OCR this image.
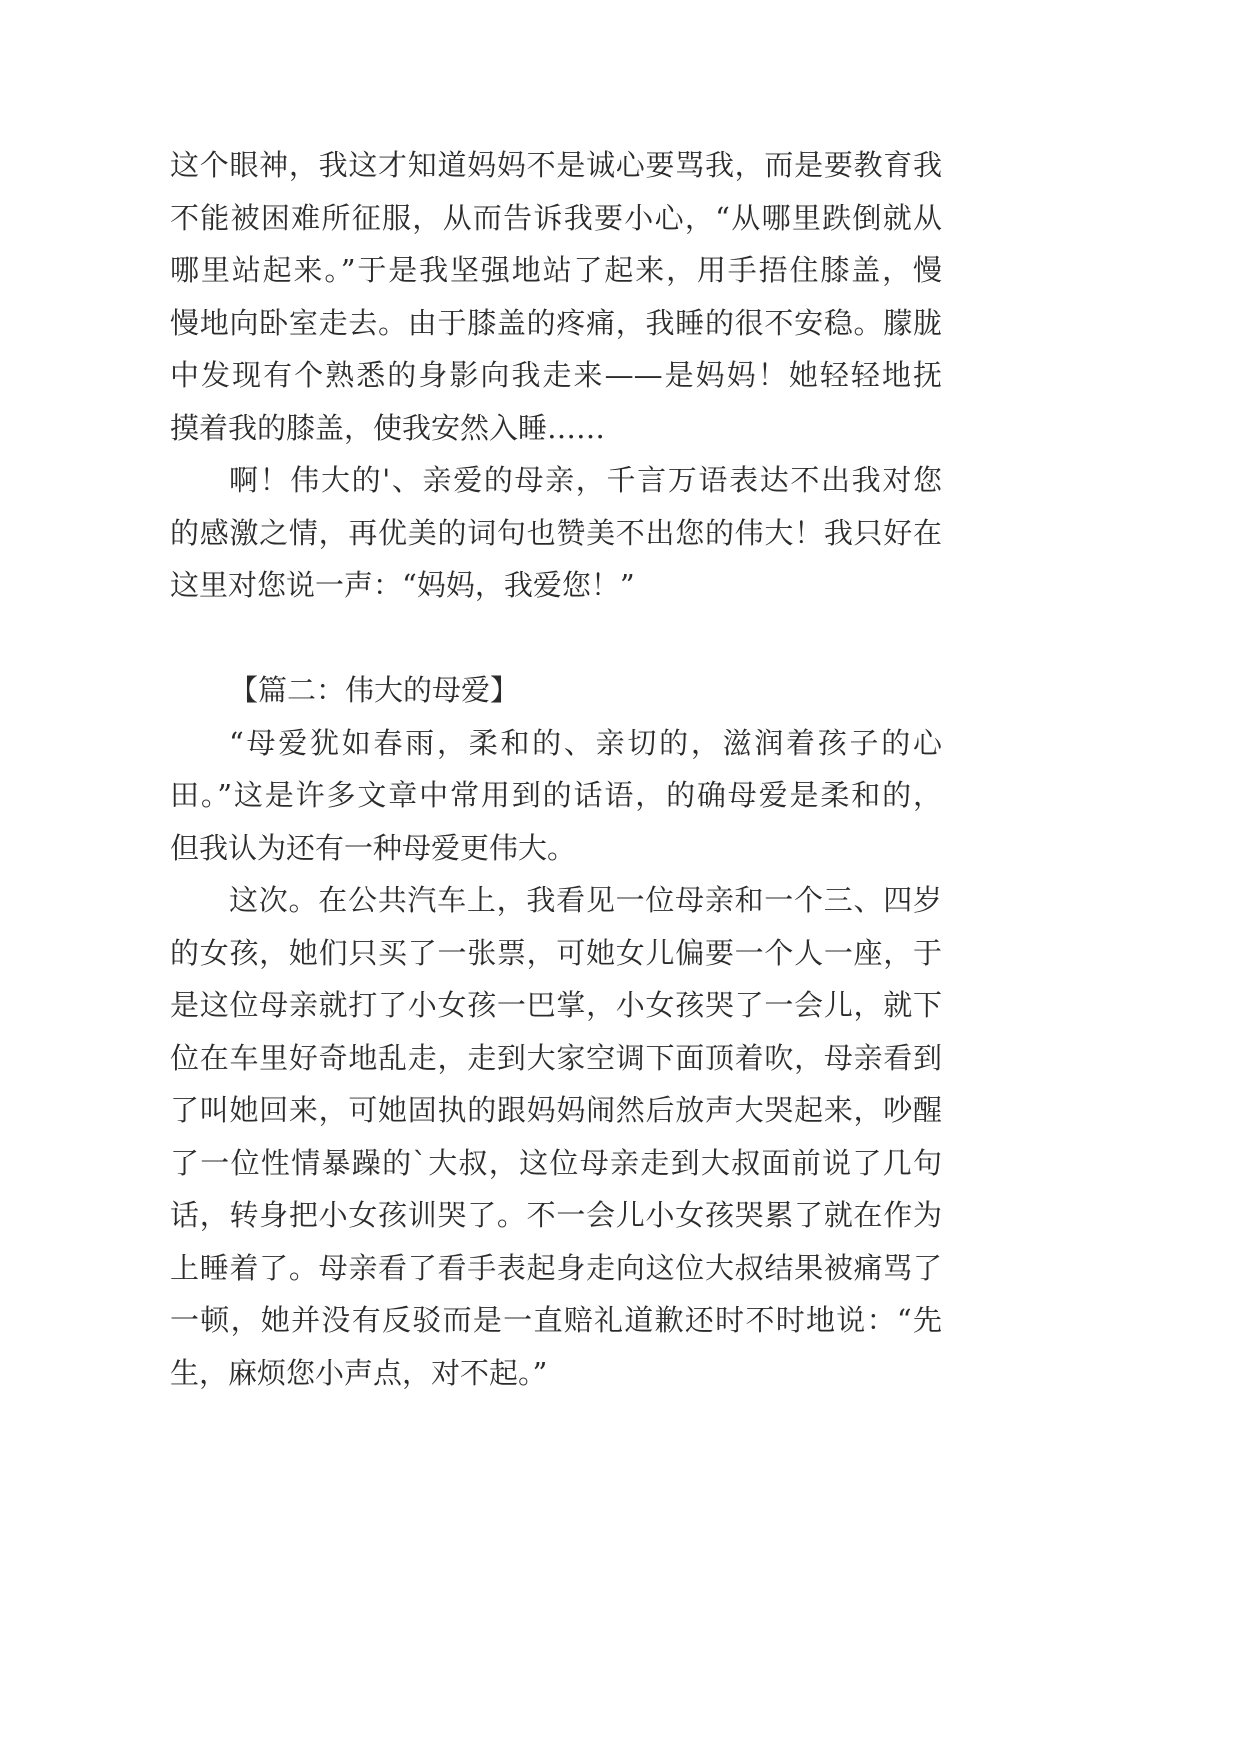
这个眼神，我这才知道妈妈不是诚心要骂我，而是要教育我
不能被困难所征服，从而告诉我要小心，“从哪里跌倒就从
哪里站起来。”于是我坚强地站了起来，用手捂住膝盖，慢
慢地向卧室走去。由于膝盖的疼痛，我睡的很不安稳。朦胧
中发现有个熟悉的身影向我走来——是妈妈！她轻轻地抚
摸着我的膝盖，使我安然入睡……
啊！伟大的'、亲爱的母亲，千言万语表达不出我对您
的感激之情，再优美的词句也赞美不出您的伟大！我只好在
这里对您说一声：“妈妈，我爱您！”
【篇二：伟大的母爱】
“母爱犹如春雨，柔和的、亲切的，滋润着孩子的心
田。”这是许多文章中常用到的话语，的确母爱是柔和的，
但我认为还有一种母爱更伟大。
这次。在公共汽车上，我看见一位母亲和一个三、四岁
的女孩，她们只买了一张票，可她女儿偏要一个人一座，于
是这位母亲就打了小女孩一巴掌，小女孩哭了一会儿，就下
位在车里好奇地乱走，走到大家空调下面顶着吹，母亲看到
了叫她回来，可她固执的跟妈妈闹然后放声大哭起来，吵醒
了一位性情暴躁的`大叔，这位母亲走到大叔面前说了几句
话，转身把小女孩训哭了。不一会儿小女孩哭累了就在作为
上睡着了。母亲看了看手表起身走向这位大叔结果被痛骂了
一顿，她并没有反驳而是一直赔礼道歉还时不时地说：“先
生，麻烦您小声点，对不起。”
